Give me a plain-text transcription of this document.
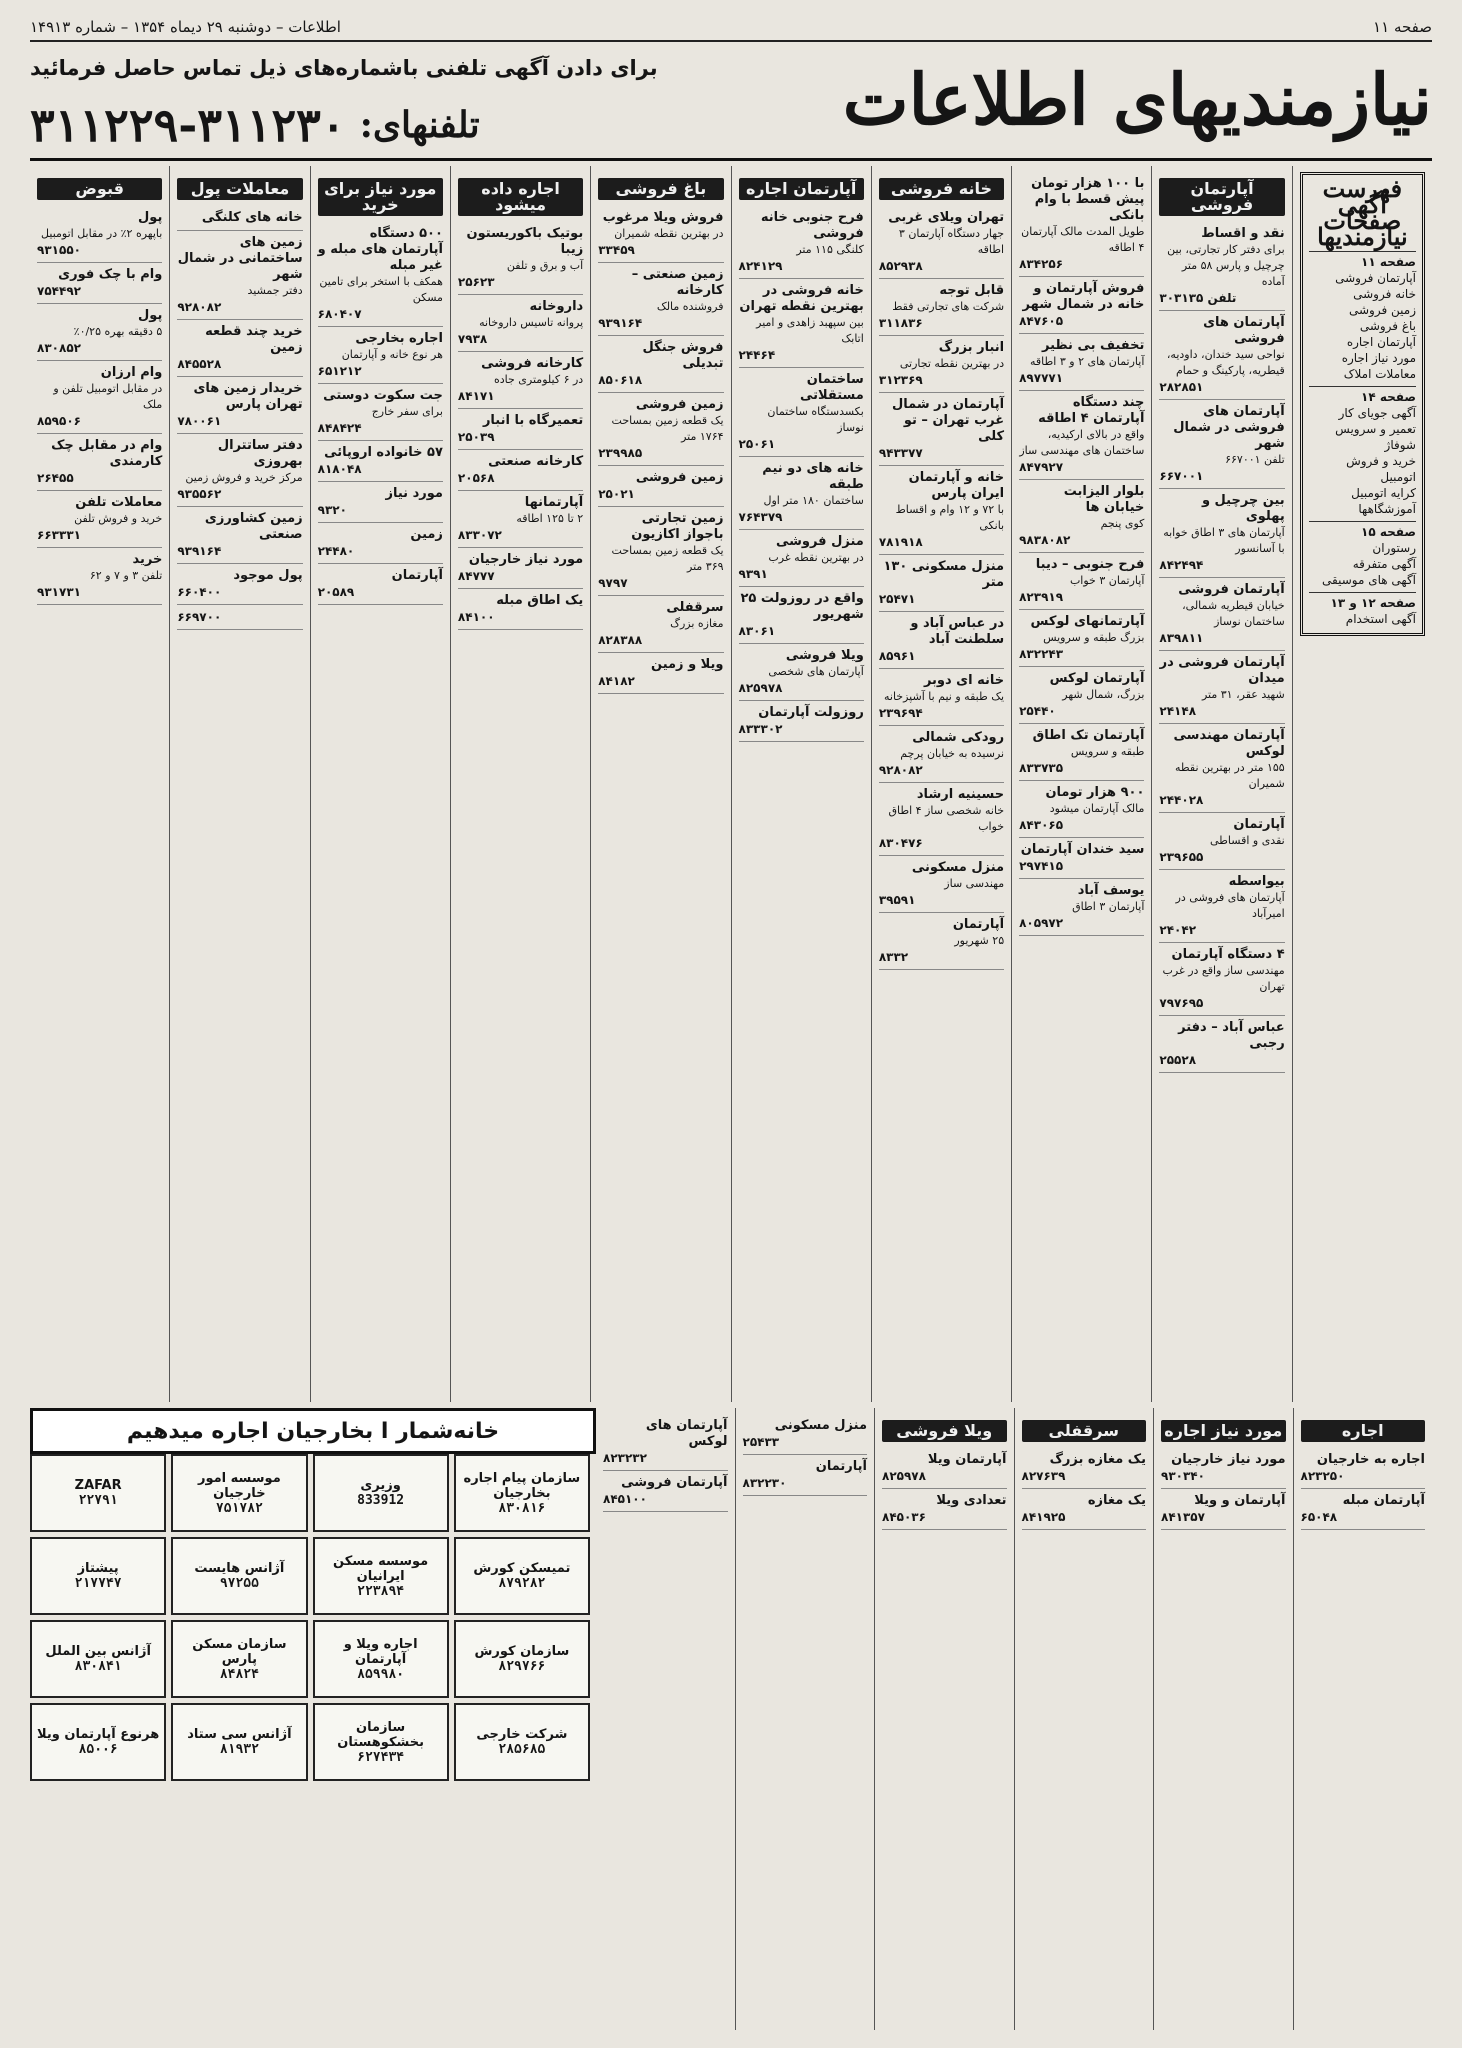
صفحه ۱۱
اطلاعات – دوشنبه ۲۹ دیماه ۱۳۵۴ – شماره ۱۴۹۱۳
نیازمندیهای اطلاعات
برای دادن آگهی تلفنی باشماره‌های ذیل تماس حاصل فرمائید
۳۱۱۲۲۹-۳۱۱۲۳۰ تلفنهای:
فهرست آگهی صفحات نیازمندیها
صفحه ۱۱
آپارتمان فروشی
خانه فروشی
زمین فروشی
باغ فروشی
آپارتمان اجاره
مورد نیاز اجاره
معاملات املاک
صفحه ۱۴
آگهی جویای کار
تعمیر و سرویس شوفاژ
خرید و فروش اتومبیل
کرایه اتومبیل
آموزشگاهها
صفحه ۱۵
رستوران
آگهی متفرقه
آگهی های موسیقی
صفحه ۱۲ و ۱۳
آگهی استخدام
آپارتمان فروشی
نقد و اقساط
برای دفتر کار تجارتی، بین چرچیل و پارس ۵۸ متر آماده
تلفن ۳۰۳۱۳۵
آپارتمان های فروشی
نواحی سید خندان، داودیه، قیطریه، پارکینگ و حمام
۲۸۲۸۵۱
آپارتمان های فروشی در شمال شهر
تلفن ۶۶۷۰۰۱
۶۶۷۰۰۱
بین چرچیل و پهلوی
آپارتمان های ۳ اطاق خوابه با آسانسور
۸۴۲۴۹۴
آپارتمان فروشی
خیابان قیطریه شمالی، ساختمان نوساز
۸۳۹۸۱۱
آپارتمان فروشی در میدان
شهید عقر، ۳۱ متر
۲۴۱۴۸
آپارتمان مهندسی لوکس
۱۵۵ متر در بهترین نقطه شمیران
۲۴۴۰۲۸
آپارتمان
نقدی و اقساطی
۲۳۹۶۵۵
بیواسطه
آپارتمان های فروشی در امیرآباد
۲۴۰۴۲
۴ دستگاه آپارتمان
مهندسی ساز واقع در غرب تهران
۷۹۷۶۹۵
عباس آباد – دفتر رجبی
۲۵۵۲۸
با ۱۰۰ هزار تومان پیش قسط با وام بانکی
طویل المدت مالک آپارتمان ۴ اطاقه
۸۳۴۲۵۶
فروش آپارتمان و خانه در شمال شهر
۸۴۷۶۰۵
تخفیف بی نظیر
آپارتمان های ۲ و ۳ اطاقه
۸۹۷۷۷۱
چند دستگاه آپارتمان ۴ اطاقه
واقع در بالای ارکیدیه، ساختمان های مهندسی ساز
۸۴۷۹۲۷
بلوار الیزابت خیابان ها
کوی پنجم
۹۸۳۸۰۸۲
فرح جنوبی – دیبا
آپارتمان ۳ خواب
۸۲۳۹۱۹
آپارتمانهای لوکس
بزرگ طبقه و سرویس
۸۳۲۲۴۳
آپارتمان لوکس
بزرگ، شمال شهر
۲۵۴۴۰
آپارتمان تک اطاق
طبقه و سرویس
۸۳۳۷۳۵
۹۰۰ هزار تومان
مالک آپارتمان میشود
۸۴۳۰۶۵
سید خندان آپارتمان
۲۹۷۴۱۵
یوسف آباد
آپارتمان ۳ اطاق
۸۰۵۹۷۲
خانه فروشی
تهران ویلای غربی
جهار دستگاه آپارتمان ۳ اطاقه
۸۵۲۹۳۸
قابل توجه
شرکت های تجارتی فقط
۳۱۱۸۳۶
انبار بزرگ
در بهترین نقطه تجارتی
۳۱۲۳۶۹
آپارتمان در شمال غرب تهران – تو کلی
۹۴۳۳۷۷
خانه و آپارتمان ایران پارس
با ۷۲ و ۱۲ وام و اقساط بانکی
۷۸۱۹۱۸
منزل مسکونی ۱۳۰ متر
۲۵۴۷۱
در عباس آباد و سلطنت آباد
۸۵۹۶۱
خانه ای دوبر
یک طبقه و نیم با آشپزخانه
۲۳۹۶۹۴
رودکی شمالی
نرسیده به خیابان پرچم
۹۲۸۰۸۲
حسینیه ارشاد
خانه شخصی ساز ۴ اطاق خواب
۸۳۰۴۷۶
منزل مسکونی
مهندسی ساز
۳۹۵۹۱
آپارتمان
۲۵ شهریور
۸۳۳۲
آپارتمان اجاره
فرح جنوبی خانه فروشی
کلنگی ۱۱۵ متر
۸۲۴۱۲۹
خانه فروشی در بهترین نقطه تهران
بین سپهبد زاهدی و امیر اتابک
۲۴۴۶۴
ساختمان مستقلاتی
بکسدستگاه ساختمان نوساز
۲۵۰۶۱
خانه های دو نیم طبقه
ساختمان ۱۸۰ متر اول
۷۶۴۳۷۹
منزل فروشی
در بهترین نقطه غرب
۹۳۹۱
واقع در روزولت ۲۵ شهریور
۸۳۰۶۱
ویلا فروشی
آپارتمان های شخصی
۸۲۵۹۷۸
روزولت آپارتمان
۸۳۳۳۰۲
باغ فروشی
فروش ویلا مرغوب
در بهترین نقطه شمیران
۳۳۴۵۹
زمین صنعتی – کارخانه
فروشنده مالک
۹۳۹۱۶۴
فروش جنگل تبدیلی
۸۵۰۶۱۸
زمین فروشی
یک قطعه زمین بمساحت ۱۷۶۴ متر
۲۳۹۹۸۵
زمین فروشی
۲۵۰۲۱
زمین تجارتی باجواز اکازیون
یک قطعه زمین بمساحت ۳۶۹ متر
۹۷۹۷
سرقفلی
مغازه بزرگ
۸۲۸۳۸۸
ویلا و زمین
۸۴۱۸۲
اجاره داده میشود
بوتیک باکوریستون زیبا
آب و برق و تلفن
۲۵۶۲۳
داروخانه
پروانه تاسیس داروخانه
۷۹۳۸
کارخانه فروشی
در ۶ کیلومتری جاده
۸۴۱۷۱
تعمیرگاه با انبار
۲۵۰۳۹
کارخانه صنعتی
۲۰۵۶۸
آپارتمانها
۲ تا ۱۲۵ اطاقه
۸۳۳۰۷۲
مورد نیاز خارجیان
۸۴۷۷۷
یک اطاق مبله
۸۴۱۰۰
مورد نیاز برای خرید
۵۰۰ دستگاه آپارتمان های مبله و غیر مبله
همکف با استخر برای تامین مسکن
۶۸۰۴۰۷
اجاره بخارجی
هر نوع خانه و آپارتمان
۶۵۱۲۱۲
جت سکوت دوستی
برای سفر خارج
۸۴۸۴۲۴
۵۷ خانواده اروپائی
۸۱۸۰۴۸
مورد نیاز
۹۳۲۰
زمین
۲۴۴۸۰
آپارتمان
۲۰۵۸۹
معاملات پول
خانه های کلنگی
زمین های ساختمانی در شمال شهر
دفتر جمشید
۹۲۸۰۸۲
خرید چند قطعه زمین
۸۴۵۵۲۸
خریدار زمین های تهران پارس
۷۸۰۰۶۱
دفتر ساتترال بهروزی
مرکز خرید و فروش زمین
۹۳۵۵۶۲
زمین کشاورزی صنعتی
۹۳۹۱۶۴
پول موجود
۶۶۰۴۰۰
۶۶۹۷۰۰
قبوض
پول
باپهره ۲٪ در مقابل اتومبیل
۹۳۱۵۵۰
وام با چک فوری
۷۵۴۴۹۲
پول
۵ دقیقه بهره ۰/۲۵٪
۸۳۰۸۵۲
وام ارزان
در مقابل اتومبیل تلفن و ملک
۸۵۹۵۰۶
وام در مقابل چک کارمندی
۲۶۴۵۵
معاملات تلفن
خرید و فروش تلفن
۶۶۳۳۳۱
خرید
تلفن ۳ و ۷ و ۶۲
۹۳۱۷۳۱
خانه‌شمار ا بخارجیان اجاره میدهیم
سازمان پیام اجاره بخارجیان
۸۳۰۸۱۶
وزیری
833912
موسسه امور خارجیان
۷۵۱۷۸۲
ZAFAR
۲۲۷۹۱
تمیسکن کورش
۸۷۹۲۸۲
موسسه مسکن ایرانیان
۲۲۳۸۹۴
آژانس هایست
۹۷۲۵۵
پیشتاز
۲۱۷۷۴۷
سازمان کورش
۸۲۹۷۶۶
اجاره ویلا و آپارتمان
۸۵۹۹۸۰
سازمان مسکن پارس
۸۴۸۲۴
آژانس بین الملل
۸۳۰۸۴۱
شرکت خارجی
۲۸۵۶۸۵
سازمان بخشکوهستان
۶۲۷۴۳۴
آژانس سی ستاد
۸۱۹۳۲
هرنوع آپارتمان ویلا
۸۵۰۰۶
اجاره
اجاره به خارجیان
۸۲۳۲۵۰
آپارتمان مبله
۶۵۰۴۸
مورد نیاز اجاره
مورد نیاز خارجیان
۹۳۰۳۴۰
آپارتمان و ویلا
۸۴۱۳۵۷
سرقفلی
یک مغازه بزرگ
۸۲۷۶۳۹
یک مغازه
۸۴۱۹۲۵
ویلا فروشی
آپارتمان ویلا
۸۲۵۹۷۸
تعدادی ویلا
۸۴۵۰۳۶
منزل مسکونی
۲۵۴۳۳
آپارتمان
۸۳۲۲۳۰
آپارتمان های لوکس
۸۲۳۲۳۲
آپارتمان فروشی
۸۴۵۱۰۰
